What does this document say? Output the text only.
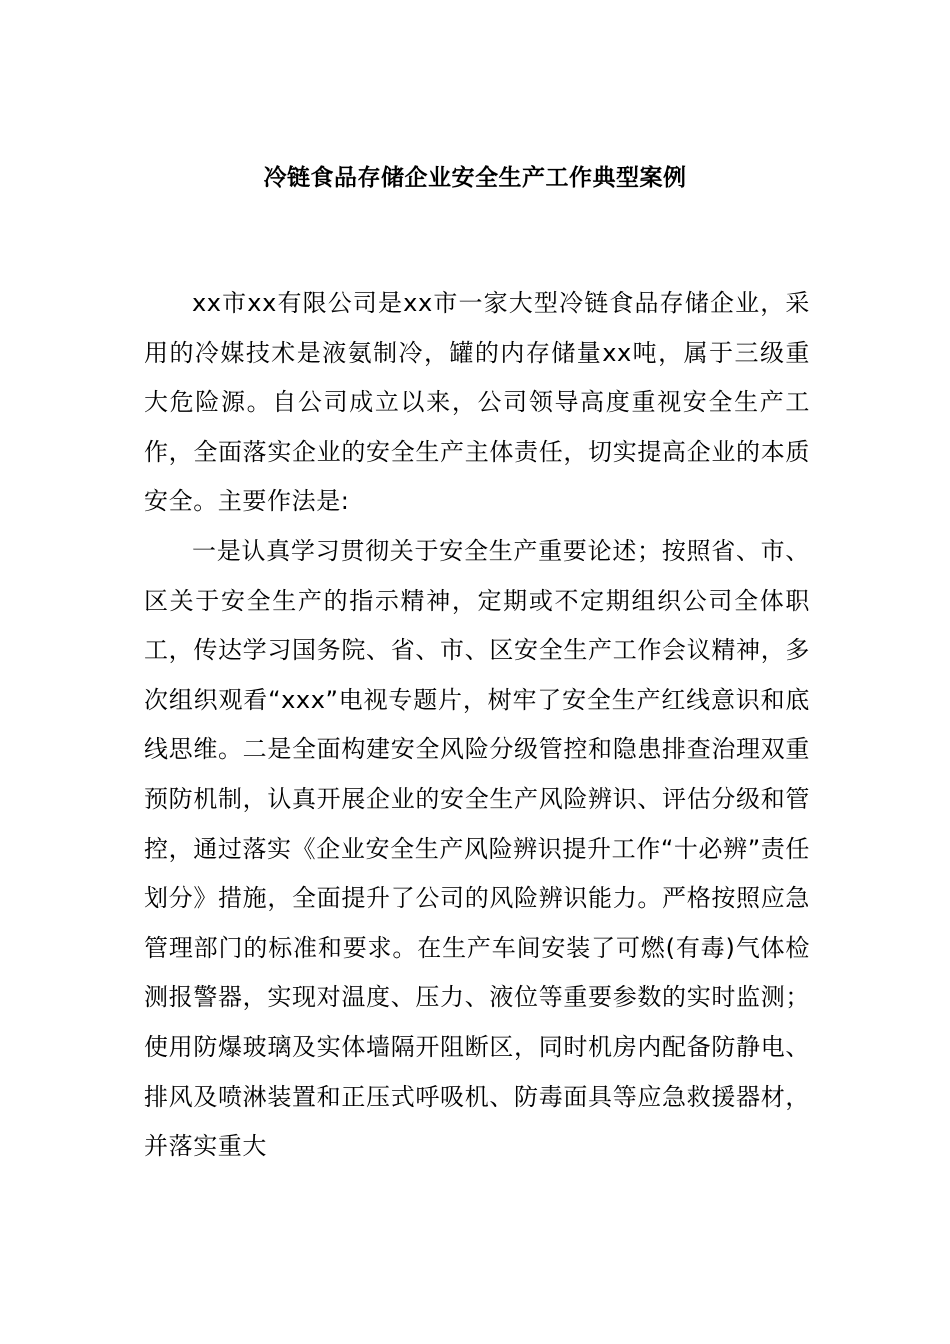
冷链食品存储企业安全生产工作典型案例

xx市xx有限公司是xx市一家大型冷链食品存储企业，采用的冷媒技术是液氨制冷，罐的内存储量xx吨，属于三级重大危险源。自公司成立以来，公司领导高度重视安全生产工作，全面落实企业的安全生产主体责任，切实提高企业的本质安全。主要作法是:

一是认真学习贯彻关于安全生产重要论述；按照省、市、区关于安全生产的指示精神，定期或不定期组织公司全体职工，传达学习国务院、省、市、区安全生产工作会议精神，多次组织观看“xxx”电视专题片，树牢了安全生产红线意识和底线思维。二是全面构建安全风险分级管控和隐患排查治理双重预防机制，认真开展企业的安全生产风险辨识、评估分级和管控，通过落实《企业安全生产风险辨识提升工作“十必辨”责任划分》措施，全面提升了公司的风险辨识能力。严格按照应急管理部门的标准和要求。在生产车间安装了可燃(有毒)气体检测报警器，实现对温度、压力、液位等重要参数的实时监测；使用防爆玻璃及实体墙隔开阻断区，同时机房内配备防静电、排风及喷淋装置和正压式呼吸机、防毒面具等应急救援器材，并落实重大
